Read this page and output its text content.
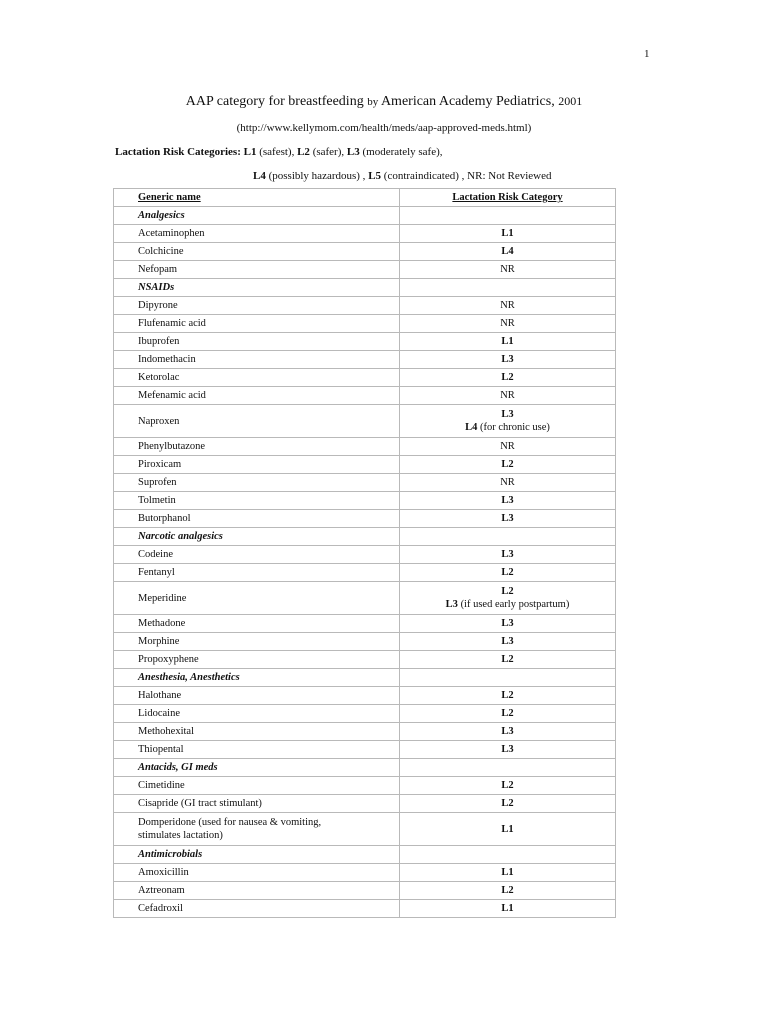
1
AAP category for breastfeeding by American Academy Pediatrics, 2001
(http://www.kellymom.com/health/meds/aap-approved-meds.html)
Lactation Risk Categories: L1 (safest), L2 (safer), L3 (moderately safe),
L4 (possibly hazardous) , L5 (contraindicated) , NR: Not Reviewed
Generic name	Lactation Risk Category
Analgesics	
Acetaminophen	L1
Colchicine	L4
Nefopam	NR
NSAIDs	
Dipyrone	NR
Flufenamic acid	NR
Ibuprofen	L1
Indomethacin	L3
Ketorolac	L2
Mefenamic acid	NR
Naproxen	L3
L4 (for chronic use)
Phenylbutazone	NR
Piroxicam	L2
Suprofen	NR
Tolmetin	L3
Butorphanol	L3
Narcotic analgesics	
Codeine	L3
Fentanyl	L2
Meperidine	L2
L3 (if used early postpartum)
Methadone	L3
Morphine	L3
Propoxyphene	L2
Anesthesia, Anesthetics	
Halothane	L2
Lidocaine	L2
Methohexital	L3
Thiopental	L3
Antacids, GI meds	
Cimetidine	L2
Cisapride (GI tract stimulant)	L2
Domperidone (used for nausea & vomiting,
stimulates lactation)	L1
Antimicrobials	
Amoxicillin	L1
Aztreonam	L2
Cefadroxil	L1
